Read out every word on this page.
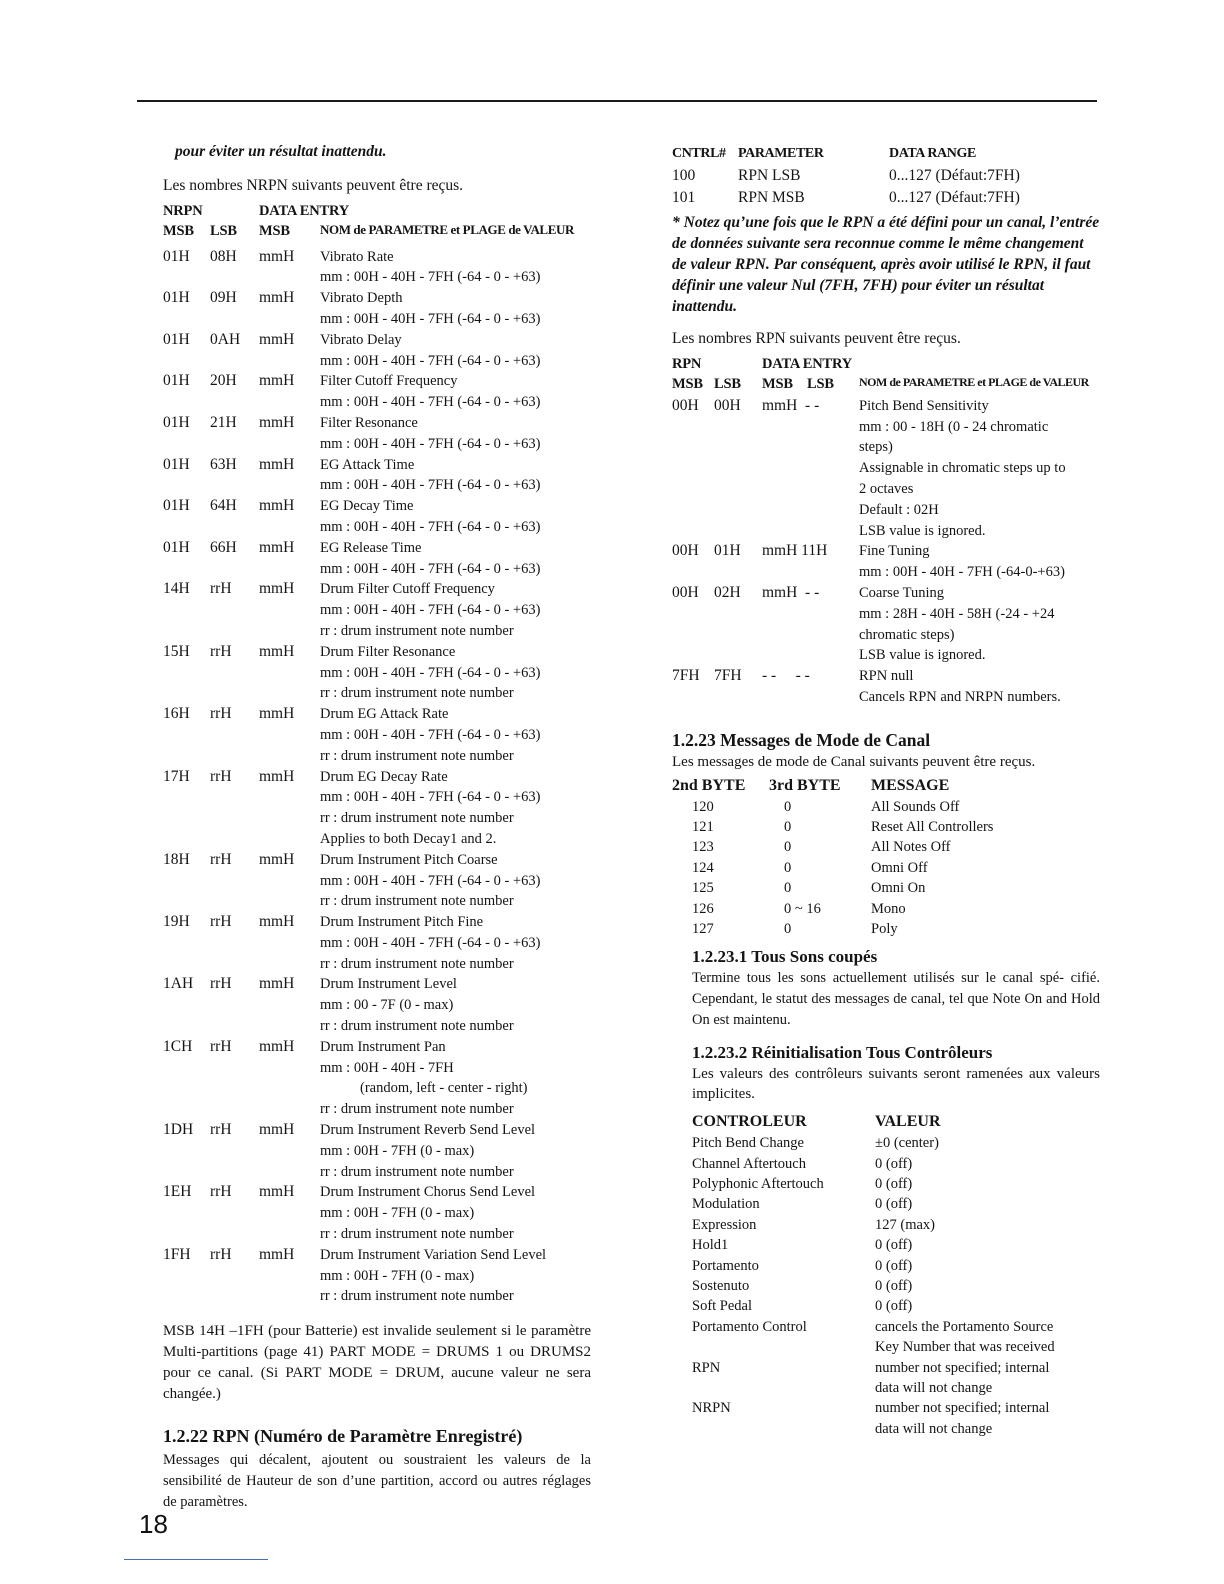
pour éviter un résultat inattendu.
Les nombres NRPN suivants peuvent être reçus.
NRPN	DATA ENTRY
MSB LSB MSB NOM de PARAMETRE et PLAGE de VALEUR
01H 08H mmH Vibrato Rate
mm : 00H - 40H - 7FH (-64 - 0 - +63)
01H 09H mmH Vibrato Depth
mm : 00H - 40H - 7FH (-64 - 0 - +63)
01H 0AH mmH Vibrato Delay
mm : 00H - 40H - 7FH (-64 - 0 - +63)
01H 20H mmH Filter Cutoff Frequency
mm : 00H - 40H - 7FH (-64 - 0 - +63)
01H 21H mmH Filter Resonance
mm : 00H - 40H - 7FH (-64 - 0 - +63)
01H 63H mmH EG Attack Time
mm : 00H - 40H - 7FH (-64 - 0 - +63)
01H 64H mmH EG Decay Time
mm : 00H - 40H - 7FH (-64 - 0 - +63)
01H 66H mmH EG Release Time
mm : 00H - 40H - 7FH (-64 - 0 - +63)
14H rrH mmH Drum Filter Cutoff Frequency
mm : 00H - 40H - 7FH (-64 - 0 - +63)
rr : drum instrument note number
15H rrH mmH Drum Filter Resonance
mm : 00H - 40H - 7FH (-64 - 0 - +63)
rr : drum instrument note number
16H rrH mmH Drum EG Attack Rate
mm : 00H - 40H - 7FH (-64 - 0 - +63)
rr : drum instrument note number
17H rrH mmH Drum EG Decay Rate
mm : 00H - 40H - 7FH (-64 - 0 - +63)
rr : drum instrument note number
Applies to both Decay1 and 2.
18H rrH mmH Drum Instrument Pitch Coarse
mm : 00H - 40H - 7FH (-64 - 0 - +63)
rr : drum instrument note number
19H rrH mmH Drum Instrument Pitch Fine
mm : 00H - 40H - 7FH (-64 - 0 - +63)
rr : drum instrument note number
1AH rrH mmH Drum Instrument Level
mm : 00 - 7F (0 - max)
rr : drum instrument note number
1CH rrH mmH Drum Instrument Pan
mm : 00H - 40H - 7FH
(random, left - center - right)
rr : drum instrument note number
1DH rrH mmH Drum Instrument Reverb Send Level
mm : 00H - 7FH (0 - max)
rr : drum instrument note number
1EH rrH mmH Drum Instrument Chorus Send Level
mm : 00H - 7FH (0 - max)
rr : drum instrument note number
1FH rrH mmH Drum Instrument Variation Send Level
mm : 00H - 7FH (0 - max)
rr : drum instrument note number
MSB 14H –1FH (pour Batterie) est invalide seulement si le paramètre Multi-partitions (page 41) PART MODE = DRUMS 1 ou DRUMS2 pour ce canal. (Si PART MODE = DRUM, aucune valeur ne sera changée.)
1.2.22 RPN (Numéro de Paramètre Enregistré)
Messages qui décalent, ajoutent ou soustraient les valeurs de la sensibilité de Hauteur de son d’une partition, accord ou autres réglages de paramètres.
CNTRL# PARAMETER	DATA RANGE
100	RPN LSB	0...127 (Défaut:7FH)
101	RPN MSB	0...127 (Défaut:7FH)
* Notez qu’une fois que le RPN a été défini pour un canal, l’entrée de données suivante sera reconnue comme le même changement de valeur RPN. Par conséquent, après avoir utilisé le RPN, il faut définir une valeur Nul (7FH, 7FH) pour éviter un résultat inattendu.
Les nombres RPN suivants peuvent être reçus.
RPN	DATA ENTRY
MSB LSB MSB LSB NOM de PARAMETRE et PLAGE de VALEUR
00H 00H mmH  - -	Pitch Bend Sensitivity
mm : 00 - 18H (0 - 24 chromatic
steps)
Assignable in chromatic steps up to
2 octaves
Default : 02H
LSB value is ignored.
00H 01H mmH 11H Fine Tuning
mm : 00H - 40H - 7FH (-64-0-+63)
00H 02H mmH  - -	Coarse Tuning
mm : 28H - 40H - 58H (-24 - +24
chromatic steps)
LSB value is ignored.
7FH 7FH - -     - -	RPN null
Cancels RPN and NRPN numbers.
1.2.23 Messages de Mode de Canal
Les messages de mode de Canal suivants peuvent être reçus.
2nd BYTE 3rd BYTE MESSAGE
120	0	All Sounds Off
121	0	Reset All Controllers
123	0	All Notes Off
124	0	Omni Off
125	0	Omni On
126	0 ~ 16	Mono
127	0	Poly
1.2.23.1 Tous Sons coupés
Termine tous les sons actuellement utilisés sur le canal spé- cifié. Cependant, le statut des messages de canal, tel que Note On and Hold On est maintenu.
1.2.23.2 Réinitialisation Tous Contrôleurs
Les valeurs des contrôleurs suivants seront ramenées aux valeurs implicites.
CONTROLEUR	VALEUR
Pitch Bend Change	±0 (center)
Channel Aftertouch	0 (off)
Polyphonic Aftertouch	0 (off)
Modulation	0 (off)
Expression	127 (max)
Hold1	0 (off)
Portamento	0 (off)
Sostenuto	0 (off)
Soft Pedal	0 (off)
Portamento Control	cancels the Portamento Source
Key Number that was received
RPN	number not specified; internal
data will not change
NRPN	number not specified; internal
data will not change
18
